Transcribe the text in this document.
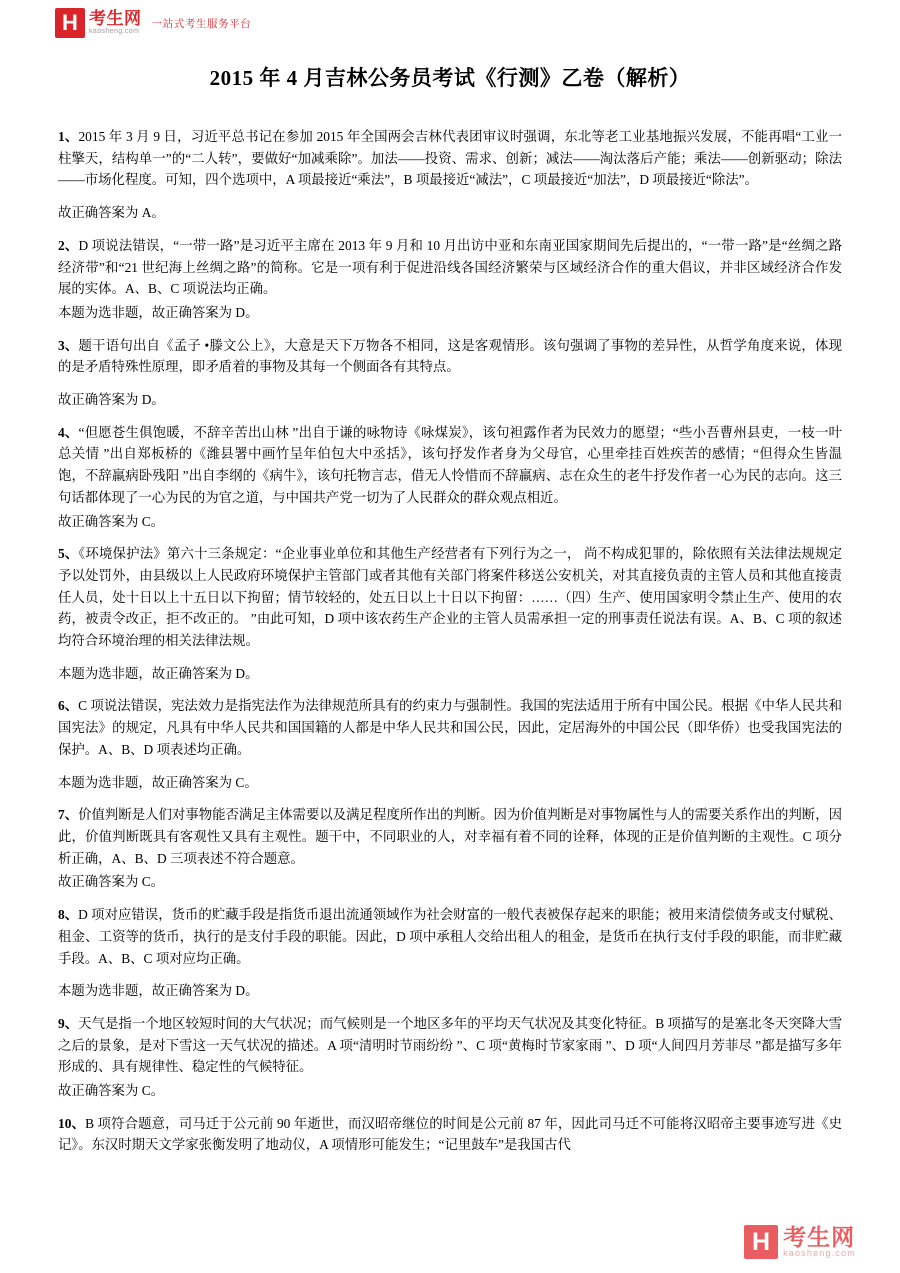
H 考生网
kaosheng.com
一站式考生服务平台
2015 年 4 月吉林公务员考试《行测》乙卷（解析）

1、2015 年 3 月 9 日，习近平总书记在参加 2015 年全国两会吉林代表团审议时强调，东北等老工业基地振兴发展，不能再唱“工业一柱擎天，结构单一”的“二人转”，要做好“加减乘除”。加法——投资、需求、创新；减法——淘汰落后产能；乘法——创新驱动；除法——市场化程度。可知，四个选项中，A 项最接近“乘法”，B 项最接近“减法”，C 项最接近“加法”，D 项最接近“除法”。

故正确答案为 A。

2、D 项说法错误，“一带一路”是习近平主席在 2013 年 9 月和 10 月出访中亚和东南亚国家期间先后提出的，“一带一路”是“丝绸之路经济带”和“21 世纪海上丝绸之路”的简称。它是一项有利于促进沿线各国经济繁荣与区域经济合作的重大倡议，并非区域经济合作发展的实体。A、B、C 项说法均正确。

本题为选非题，故正确答案为 D。

3、题干语句出自《孟子 •滕文公上》，大意是天下万物各不相同，这是客观情形。该句强调了事物的差异性，从哲学角度来说，体现的是矛盾特殊性原理，即矛盾着的事物及其每一个侧面各有其特点。

故正确答案为 D。

4、“但愿苍生俱饱暖，不辞辛苦出山林 ”出自于谦的咏物诗《咏煤炭》，该句袒露作者为民效力的愿望；“些小吾曹州县吏，一枝一叶总关情 ”出自郑板桥的《潍县署中画竹呈年伯包大中丞括》，该句抒发作者身为父母官，心里牵挂百姓疾苦的感情；“但得众生皆温饱，不辞羸病卧残阳 ”出自李纲的《病牛》，该句托物言志，借无人怜惜而不辞羸病、志在众生的老牛抒发作者一心为民的志向。这三句话都体现了一心为民的为官之道，与中国共产党一切为了人民群众的群众观点相近。

故正确答案为 C。

5、《环境保护法》第六十三条规定：“企业事业单位和其他生产经营者有下列行为之一， 尚不构成犯罪的，除依照有关法律法规规定予以处罚外，由县级以上人民政府环境保护主管部门或者其他有关部门将案件移送公安机关，对其直接负责的主管人员和其他直接责任人员，处十日以上十五日以下拘留；情节较轻的，处五日以上十日以下拘留：……（四）生产、使用国家明令禁止生产、使用的农药，被责令改正，拒不改正的。 ”由此可知，D 项中该农药生产企业的主管人员需承担一定的刑事责任说法有误。A、B、C 项的叙述均符合环境治理的相关法律法规。

本题为选非题，故正确答案为 D。

6、C 项说法错误，宪法效力是指宪法作为法律规范所具有的约束力与强制性。我国的宪法适用于所有中国公民。根据《中华人民共和国宪法》的规定，凡具有中华人民共和国国籍的人都是中华人民共和国公民，因此，定居海外的中国公民（即华侨）也受我国宪法的保护。A、B、D 项表述均正确。

本题为选非题，故正确答案为 C。

7、价值判断是人们对事物能否满足主体需要以及满足程度所作出的判断。因为价值判断是对事物属性与人的需要关系作出的判断，因此，价值判断既具有客观性又具有主观性。题干中，不同职业的人，对幸福有着不同的诠释，体现的正是价值判断的主观性。C 项分析正确，A、B、D 三项表述不符合题意。

故正确答案为 C。

8、D 项对应错误，货币的贮藏手段是指货币退出流通领域作为社会财富的一般代表被保存起来的职能；被用来清偿债务或支付赋税、租金、工资等的货币，执行的是支付手段的职能。因此，D 项中承租人交给出租人的租金，是货币在执行支付手段的职能，而非贮藏手段。A、B、C 项对应均正确。

本题为选非题，故正确答案为 D。

9、天气是指一个地区较短时间的大气状况；而气候则是一个地区多年的平均天气状况及其变化特征。B 项描写的是塞北冬天突降大雪之后的景象，是对下雪这一天气状况的描述。A 项“清明时节雨纷纷 ”、C 项“黄梅时节家家雨 ”、D 项“人间四月芳菲尽 ”都是描写多年形成的、具有规律性、稳定性的气候特征。

故正确答案为 C。

10、B 项符合题意，司马迁于公元前 90 年逝世，而汉昭帝继位的时间是公元前 87 年，因此司马迁不可能将汉昭帝主要事迹写进《史记》。东汉时期天文学家张衡发明了地动仪，A 项情形可能发生；“记里鼓车”是我国古代

H 考生网
kaosheng.com
